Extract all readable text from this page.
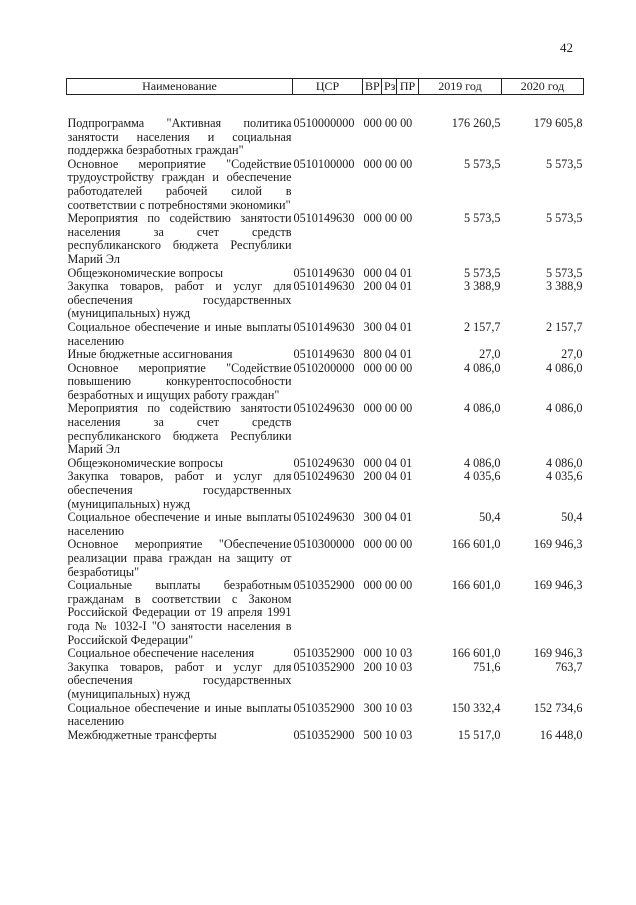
42
Наименование	ЦСР	ВР	Рз	ПР	2019 год	2020 год
Подпрограмма "Активная политика занятости населения и социальная поддержка безработных граждан"	0510000000	000 00 00			176 260,5	179 605,8
Основное мероприятие "Содействие трудоустройству граждан и обеспечение работодателей рабочей силой в соответствии с потребностями экономики"	0510100000	000 00 00			5 573,5	5 573,5
Мероприятия по содействию занятости населения за счет средств республиканского бюджета Республики Марий Эл	0510149630	000 00 00			5 573,5	5 573,5
Общеэкономические вопросы	0510149630	000 04 01			5 573,5	5 573,5
Закупка товаров, работ и услуг для обеспечения государственных (муниципальных) нужд	0510149630	200 04 01			3 388,9	3 388,9
Социальное обеспечение и иные выплаты населению	0510149630	300 04 01			2 157,7	2 157,7
Иные бюджетные ассигнования	0510149630	800 04 01			27,0	27,0
Основное мероприятие "Содействие повышению конкурентоспособности безработных и ищущих работу граждан"	0510200000	000 00 00			4 086,0	4 086,0
Мероприятия по содействию занятости населения за счет средств республиканского бюджета Республики Марий Эл	0510249630	000 00 00			4 086,0	4 086,0
Общеэкономические вопросы	0510249630	000 04 01			4 086,0	4 086,0
Закупка товаров, работ и услуг для обеспечения государственных (муниципальных) нужд	0510249630	200 04 01			4 035,6	4 035,6
Социальное обеспечение и иные выплаты населению	0510249630	300 04 01			50,4	50,4
Основное мероприятие "Обеспечение реализации права граждан на защиту от безработицы"	0510300000	000 00 00			166 601,0	169 946,3
Социальные выплаты безработным гражданам в соответствии с Законом Российской Федерации от 19 апреля 1991 года № 1032-I "О занятости населения в Российской Федерации"	0510352900	000 00 00			166 601,0	169 946,3
Социальное обеспечение населения	0510352900	000 10 03			166 601,0	169 946,3
Закупка товаров, работ и услуг для обеспечения государственных (муниципальных) нужд	0510352900	200 10 03			751,6	763,7
Социальное обеспечение и иные выплаты населению	0510352900	300 10 03			150 332,4	152 734,6
Межбюджетные трансферты	0510352900	500 10 03			15 517,0	16 448,0
